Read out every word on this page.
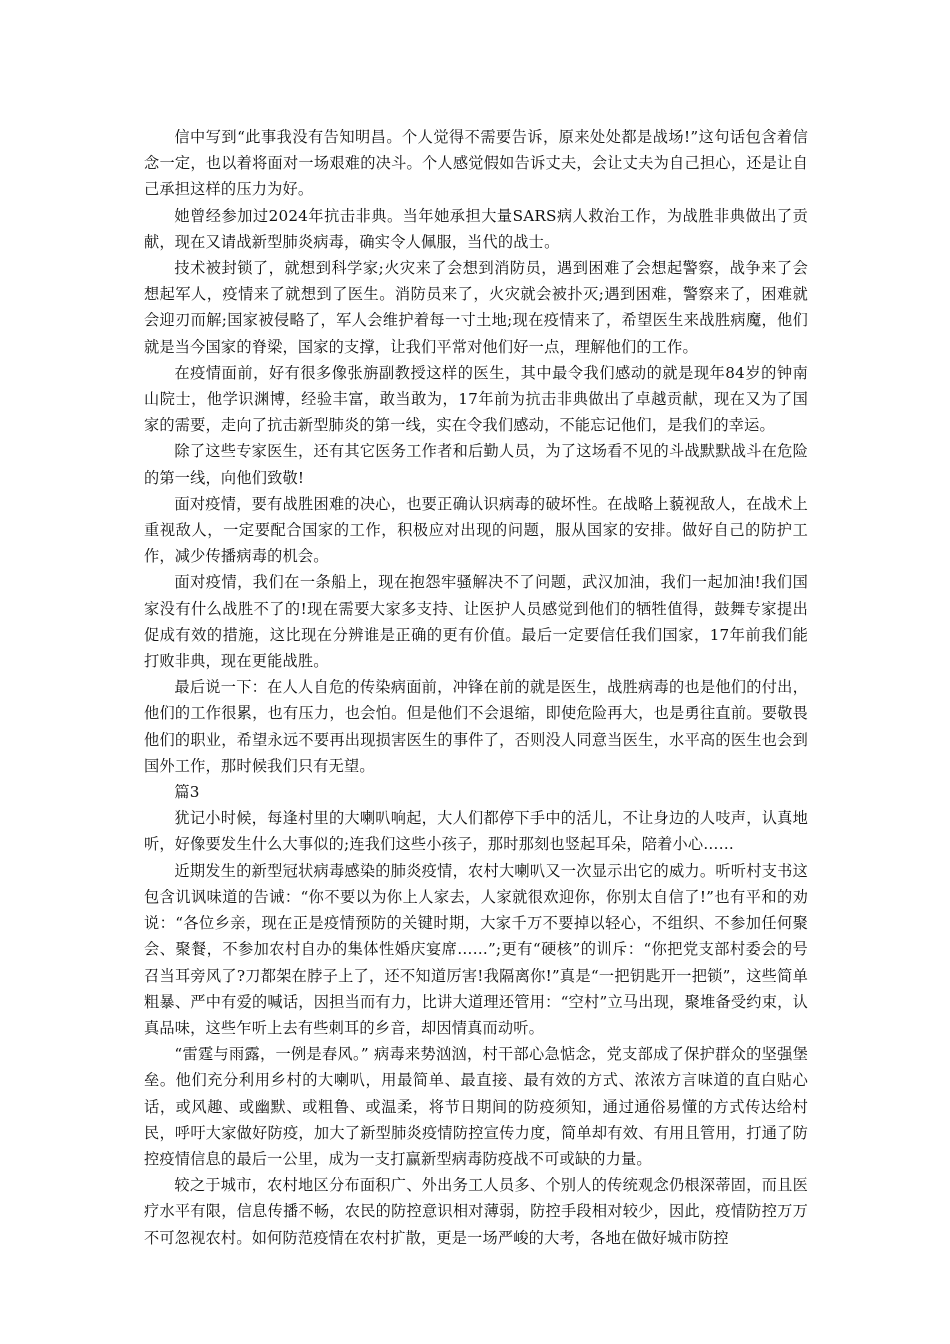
信中写到“此事我没有告知明昌。个人觉得不需要告诉，原来处处都是战场!”这句话包含着信念一定，也以着将面对一场艰难的决斗。个人感觉假如告诉丈夫，会让丈夫为自己担心，还是让自己承担这样的压力为好。

她曾经参加过2024年抗击非典。当年她承担大量SARS病人救治工作，为战胜非典做出了贡献，现在又请战新型肺炎病毒，确实令人佩服，当代的战士。

技术被封锁了，就想到科学家;火灾来了会想到消防员，遇到困难了会想起警察，战争来了会想起军人，疫情来了就想到了医生。消防员来了，火灾就会被扑灭;遇到困难，警察来了，困难就会迎刃而解;国家被侵略了，军人会维护着每一寸土地;现在疫情来了，希望医生来战胜病魔，他们就是当今国家的脊梁，国家的支撑，让我们平常对他们好一点，理解他们的工作。

在疫情面前，好有很多像张旃副教授这样的医生，其中最令我们感动的就是现年84岁的钟南山院士，他学识渊博，经验丰富，敢当敢为，17年前为抗击非典做出了卓越贡献，现在又为了国家的需要，走向了抗击新型肺炎的第一线，实在令我们感动，不能忘记他们，是我们的幸运。

除了这些专家医生，还有其它医务工作者和后勤人员，为了这场看不见的斗战默默战斗在危险的第一线，向他们致敬!

面对疫情，要有战胜困难的决心，也要正确认识病毒的破坏性。在战略上藐视敌人，在战术上重视敌人，一定要配合国家的工作，积极应对出现的问题，服从国家的安排。做好自己的防护工作，减少传播病毒的机会。

面对疫情，我们在一条船上，现在抱怨牢骚解决不了问题，武汉加油，我们一起加油!我们国家没有什么战胜不了的!现在需要大家多支持、让医护人员感觉到他们的牺牲值得，鼓舞专家提出促成有效的措施，这比现在分辨谁是正确的更有价值。最后一定要信任我们国家，17年前我们能打败非典，现在更能战胜。

最后说一下：在人人自危的传染病面前，冲锋在前的就是医生，战胜病毒的也是他们的付出，他们的工作很累，也有压力，也会怕。但是他们不会退缩，即使危险再大，也是勇往直前。要敬畏他们的职业，希望永远不要再出现损害医生的事件了，否则没人同意当医生，水平高的医生也会到国外工作，那时候我们只有无望。

篇3

犹记小时候，每逢村里的大喇叭响起，大人们都停下手中的活儿，不让身边的人吱声，认真地听，好像要发生什么大事似的;连我们这些小孩子，那时那刻也竖起耳朵，陪着小心……

近期发生的新型冠状病毒感染的肺炎疫情，农村大喇叭又一次显示出它的威力。听听村支书这包含讥讽味道的告诫：“你不要以为你上人家去，人家就很欢迎你，你别太自信了!”也有平和的劝说：“各位乡亲，现在正是疫情预防的关键时期，大家千万不要掉以轻心，不组织、不参加任何聚会、聚餐，不参加农村自办的集体性婚庆宴席……”;更有“硬核”的训斥：“你把党支部村委会的号召当耳旁风了?刀都架在脖子上了，还不知道厉害!我隔离你!”真是“一把钥匙开一把锁”，这些简单粗暴、严中有爱的喊话，因担当而有力，比讲大道理还管用：“空村”立马出现，聚堆备受约束，认真品味，这些乍听上去有些刺耳的乡音，却因情真而动听。

“雷霆与雨露，一例是春风。” 病毒来势汹汹，村干部心急惦念，党支部成了保护群众的坚强堡垒。他们充分利用乡村的大喇叭，用最简单、最直接、最有效的方式、浓浓方言味道的直白贴心话，或风趣、或幽默、或粗鲁、或温柔，将节日期间的防疫须知，通过通俗易懂的方式传达给村民，呼吁大家做好防疫，加大了新型肺炎疫情防控宣传力度，简单却有效、有用且管用，打通了防控疫情信息的最后一公里，成为一支打赢新型病毒防疫战不可或缺的力量。

较之于城市，农村地区分布面积广、外出务工人员多、个别人的传统观念仍根深蒂固，而且医疗水平有限，信息传播不畅，农民的防控意识相对薄弱，防控手段相对较少，因此，疫情防控万万不可忽视农村。如何防范疫情在农村扩散，更是一场严峻的大考，各地在做好城市防控
